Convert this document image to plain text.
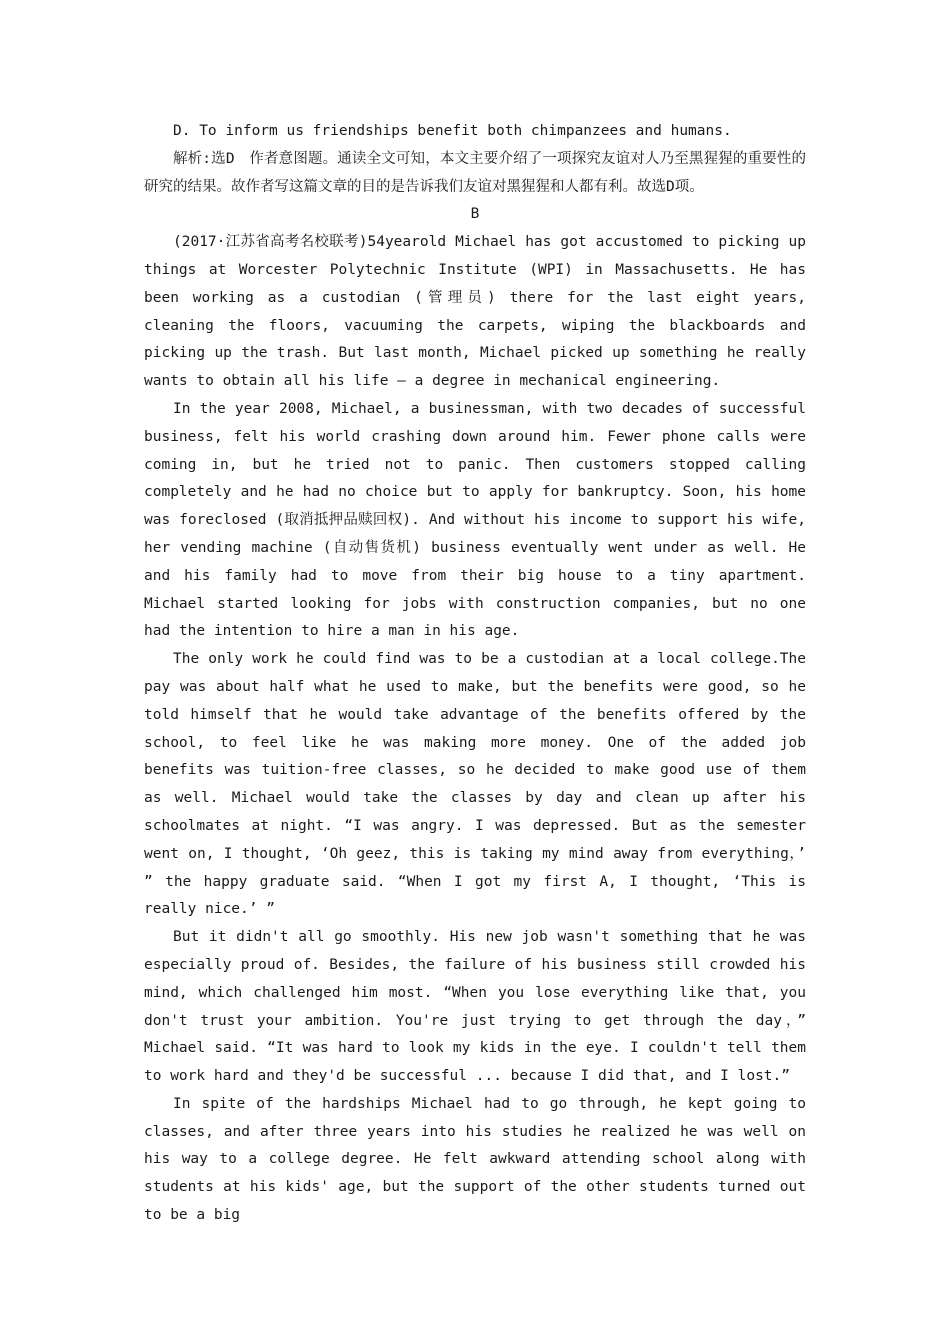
D. To inform us friendships benefit both chimpanzees and humans.

解析:选D　作者意图题。通读全文可知，本文主要介绍了一项探究友谊对人乃至黑猩猩的重要性的研究的结果。故作者写这篇文章的目的是告诉我们友谊对黑猩猩和人都有利。故选D项。

B

(2017·江苏省高考名校联考)54yearold Michael has got accustomed to picking up things at Worcester Polytechnic Institute (WPI) in Massachusetts. He has been working as a custodian (管理员) there for the last eight years, cleaning the floors, vacuuming the carpets, wiping the blackboards and picking up the trash. But last month, Michael picked up something he really wants to obtain all his life — a degree in mechanical engineering.

In the year 2008, Michael, a businessman, with two decades of successful business, felt his world crashing down around him. Fewer phone calls were coming in, but he tried not to panic. Then customers stopped calling completely and he had no choice but to apply for bankruptcy. Soon, his home was foreclosed (取消抵押品赎回权). And without his income to support his wife, her vending machine (自动售货机) business eventually went under as well. He and his family had to move from their big house to a tiny apartment. Michael started looking for jobs with construction companies, but no one had the intention to hire a man in his age.

The only work he could find was to be a custodian at a local college.The pay was about half what he used to make, but the benefits were good, so he told himself that he would take advantage of the benefits offered by the school, to feel like he was making more money. One of the added job benefits was tuition-free classes, so he decided to make good use of them as well. Michael would take the classes by day and clean up after his schoolmates at night. “I was angry. I was depressed. But as the semester went on, I thought, ‘Oh geez, this is taking my mind away from everything，’ ” the happy graduate said. “When I got my first A, I thought, ‘This is really nice.’ ”

But it didn't all go smoothly. His new job wasn't something that he was especially proud of. Besides, the failure of his business still crowded his mind, which challenged him most. “When you lose everything like that, you don't trust your ambition. You're just trying to get through the day，” Michael said. “It was hard to look my kids in the eye. I couldn't tell them to work hard and they'd be successful ... because I did that, and I lost.”

In spite of the hardships Michael had to go through, he kept going to classes, and after three years into his studies he realized he was well on his way to a college degree. He felt awkward attending school along with students at his kids' age, but the support of the other students turned out to be a big
